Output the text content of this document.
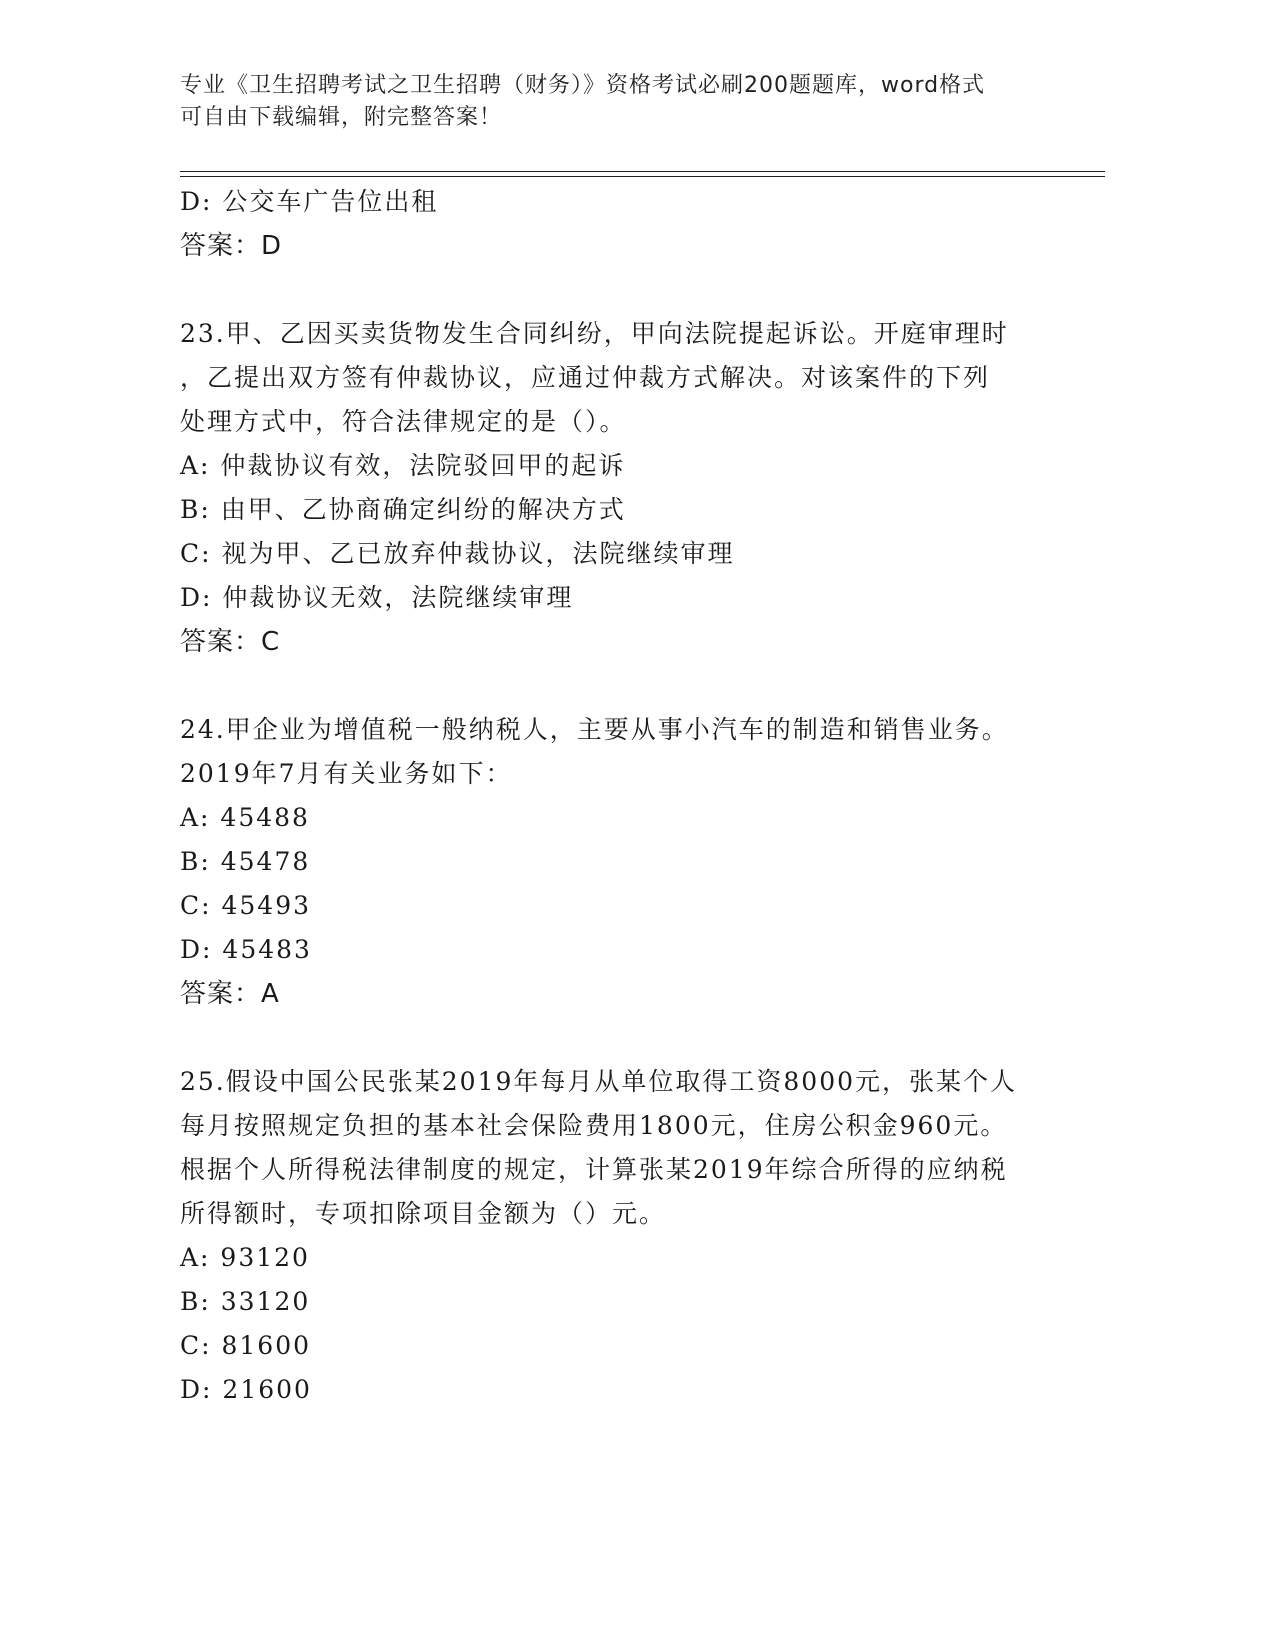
专业《卫生招聘考试之卫生招聘（财务）》资格考试必刷200题题库，word格式
可自由下载编辑，附完整答案！
D: 公交车广告位出租
答案：D
23.甲、乙因买卖货物发生合同纠纷，甲向法院提起诉讼。开庭审理时
，乙提出双方签有仲裁协议，应通过仲裁方式解决。对该案件的下列
处理方式中，符合法律规定的是（）。
A: 仲裁协议有效，法院驳回甲的起诉
B: 由甲、乙协商确定纠纷的解决方式
C: 视为甲、乙已放弃仲裁协议，法院继续审理
D: 仲裁协议无效，法院继续审理
答案：C
24.甲企业为增值税一般纳税人，主要从事小汽车的制造和销售业务。
2019年7月有关业务如下：
A: 45488
B: 45478
C: 45493
D: 45483
答案：A
25.假设中国公民张某2019年每月从单位取得工资8000元，张某个人
每月按照规定负担的基本社会保险费用1800元，住房公积金960元。
根据个人所得税法律制度的规定，计算张某2019年综合所得的应纳税
所得额时，专项扣除项目金额为（）元。
A: 93120
B: 33120
C: 81600
D: 21600
